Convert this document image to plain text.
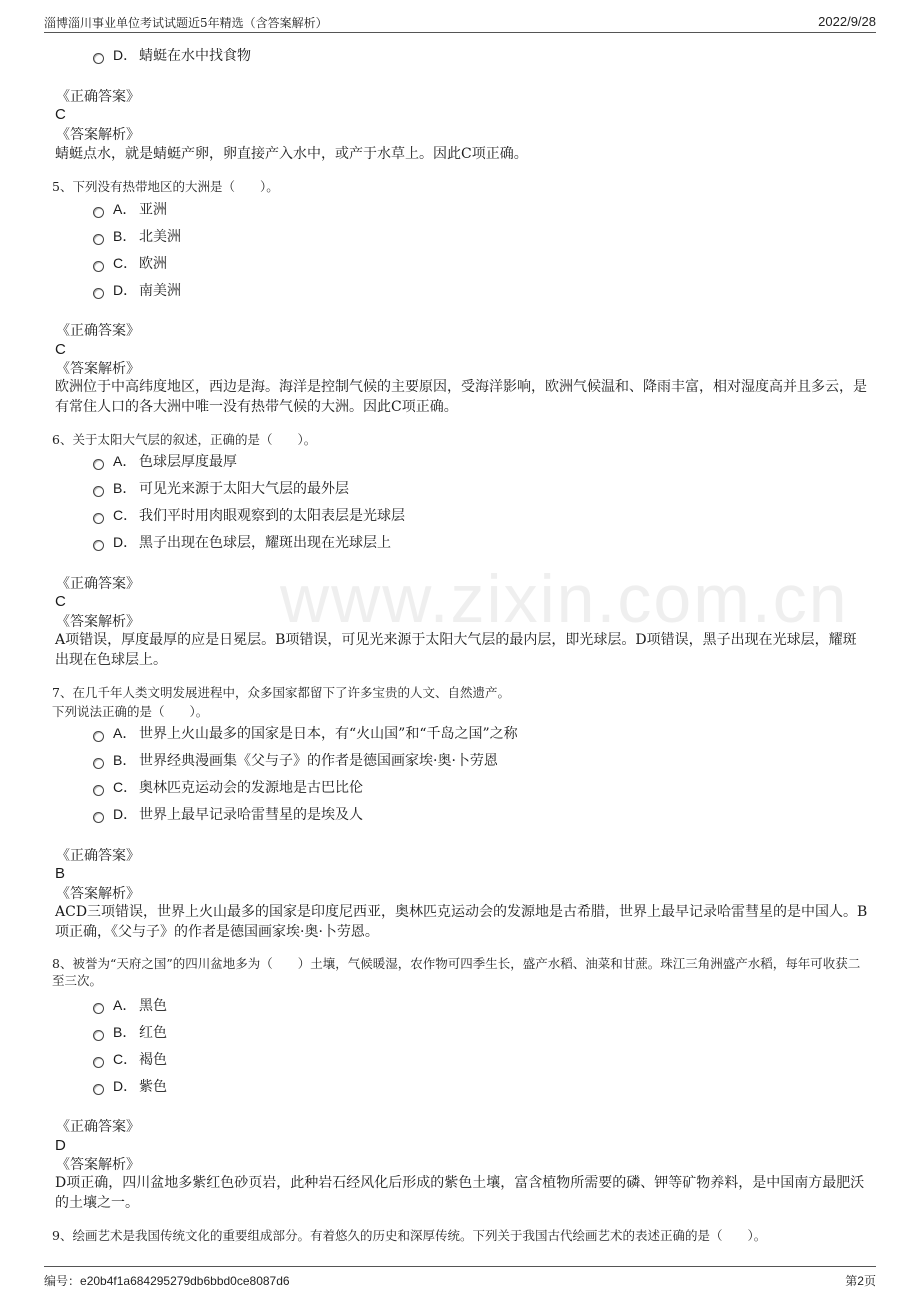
淄博淄川事业单位考试试题近5年精选（含答案解析）	2022/9/28
www.zixin.com.cn
D． 蜻蜓在水中找食物
《正确答案》
C
《答案解析》
蜻蜓点水，就是蜻蜓产卵，卵直接产入水中，或产于水草上。因此C项正确。
5、下列没有热带地区的大洲是（　　）。
A． 亚洲
B． 北美洲
C． 欧洲
D． 南美洲
《正确答案》
C
《答案解析》
欧洲位于中高纬度地区，西边是海。海洋是控制气候的主要原因，受海洋影响，欧洲气候温和、降雨丰富，相对湿度高并且多云，是有常住人口的各大洲中唯一没有热带气候的大洲。因此C项正确。
6、关于太阳大气层的叙述，正确的是（　　）。
A． 色球层厚度最厚
B． 可见光来源于太阳大气层的最外层
C． 我们平时用肉眼观察到的太阳表层是光球层
D． 黑子出现在色球层，耀斑出现在光球层上
《正确答案》
C
《答案解析》
A项错误，厚度最厚的应是日冕层。B项错误，可见光来源于太阳大气层的最内层，即光球层。D项错误，黑子出现在光球层，耀斑出现在色球层上。
7、在几千年人类文明发展进程中，众多国家都留下了许多宝贵的人文、自然遗产。
下列说法正确的是（　　）。
A． 世界上火山最多的国家是日本，有“火山国”和“千岛之国”之称
B． 世界经典漫画集《父与子》的作者是德国画家埃·奥·卜劳恩
C． 奥林匹克运动会的发源地是古巴比伦
D． 世界上最早记录哈雷彗星的是埃及人
《正确答案》
B
《答案解析》
ACD三项错误，世界上火山最多的国家是印度尼西亚，奥林匹克运动会的发源地是古希腊，世界上最早记录哈雷彗星的是中国人。B项正确，《父与子》的作者是德国画家埃·奥·卜劳恩。
8、被誉为“天府之国”的四川盆地多为（　　）土壤，气候暖湿，农作物可四季生长，盛产水稻、油菜和甘蔗。珠江三角洲盛产水稻，每年可收获二至三次。
A． 黑色
B． 红色
C． 褐色
D． 紫色
《正确答案》
D
《答案解析》
D项正确，四川盆地多紫红色砂页岩，此种岩石经风化后形成的紫色土壤，富含植物所需要的磷、钾等矿物养料，是中国南方最肥沃的土壤之一。
9、绘画艺术是我国传统文化的重要组成部分。有着悠久的历史和深厚传统。下列关于我国古代绘画艺术的表述正确的是（　　）。
编号：e20b4f1a684295279db6bbd0ce8087d6	第2页
